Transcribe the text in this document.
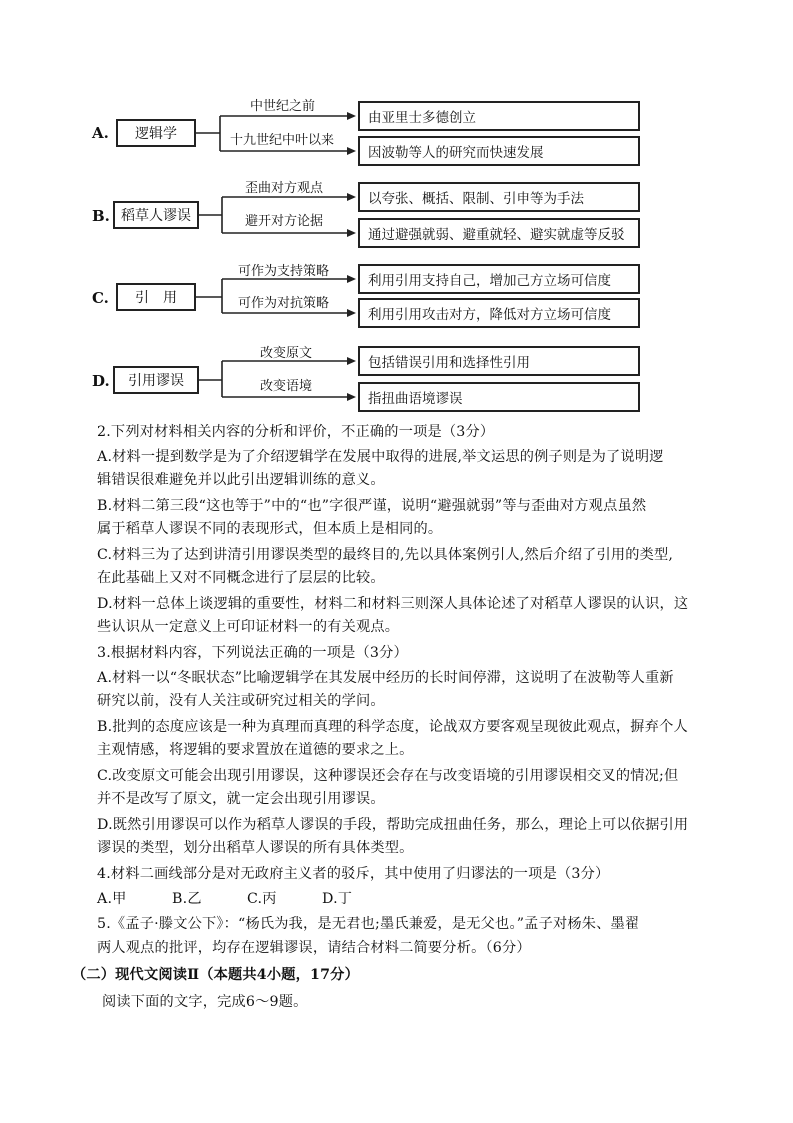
A.	逻辑学
中世纪之前
十九世纪中叶以来
由亚里士多德创立
因波勒等人的研究而快速发展
B. 稻草人谬误
歪曲对方观点
避开对方论据
以夸张、概括、限制、引申等为手法
通过避强就弱、避重就轻、避实就虚等反驳
C.	引　用
可作为支持策略
可作为对抗策略
利用引用支持自己，增加己方立场可信度
利用引用攻击对方，降低对方立场可信度
D.	引用谬误
改变原文
改变语境
包括错误引用和选择性引用
指扭曲语境谬误
2.下列对材料相关内容的分析和评价，不正确的一项是（3分）
A.材料一提到数学是为了介绍逻辑学在发展中取得的进展,举文运思的例子则是为了说明逻
辑错误很难避免并以此引出逻辑训练的意义。
B.材料二第三段“这也等于”中的“也”字很严谨，说明“避强就弱”等与歪曲对方观点虽然
属于稻草人谬误不同的表现形式，但本质上是相同的。
C.材料三为了达到讲清引用谬误类型的最终目的,先以具体案例引人,然后介绍了引用的类型,
在此基础上又对不同概念进行了层层的比较。
D.材料一总体上谈逻辑的重要性，材料二和材料三则深人具体论述了对稻草人谬误的认识，这
些认识从一定意义上可印证材料一的有关观点。
3.根据材料内容，下列说法正确的一项是（3分）
A.材料一以“冬眠状态”比喻逻辑学在其发展中经历的长时间停滞，这说明了在波勒等人重新
研究以前，没有人关注或研究过相关的学问。
B.批判的态度应该是一种为真理而真理的科学态度，论战双方要客观呈现彼此观点，摒弃个人
主观情感，将逻辑的要求置放在道德的要求之上。
C.改变原文可能会出现引用谬误，这种谬误还会存在与改变语境的引用谬误相交叉的情况;但
并不是改写了原文，就一定会出现引用谬误。
D.既然引用谬误可以作为稻草人谬误的手段，帮助完成扭曲任务，那么，理论上可以依据引用
谬误的类型，划分出稻草人谬误的所有具体类型。
4.材料二画线部分是对无政府主义者的驳斥，其中使用了归谬法的一项是（3分）
A.甲	B.乙	C.丙	D.丁
5.《孟子·滕文公下》：“杨氏为我，是无君也;墨氏兼爱，是无父也。”孟子对杨朱、墨翟
两人观点的批评，均存在逻辑谬误，请结合材料二简要分析。（6分）
（二）现代文阅读Ⅱ（本题共4小题，17分）
阅读下面的文字，完成6～9题。
